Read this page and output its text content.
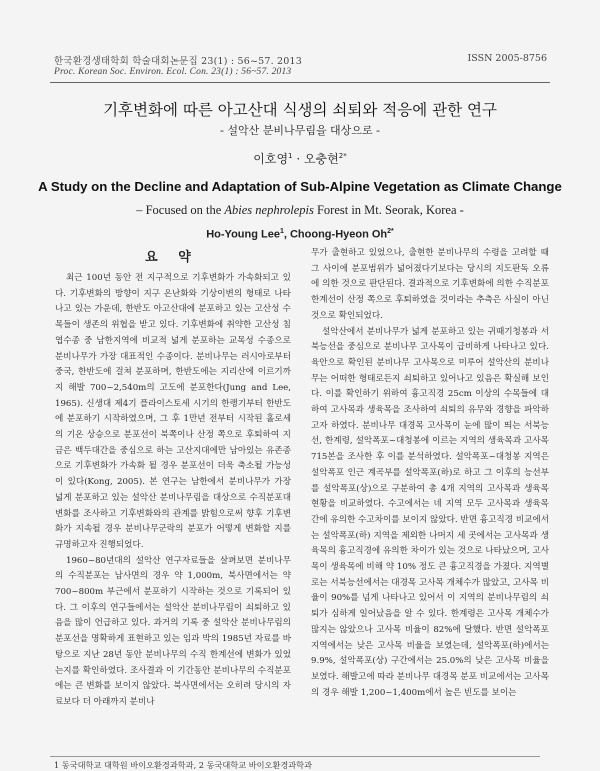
한국환경생태학회 학술대회논문집 23(1) : 56~57. 2013
Proc. Korean Soc. Environ. Ecol. Con. 23(1) : 56~57. 2013
ISSN 2005-8756
기후변화에 따른 아고산대 식생의 쇠퇴와 적응에 관한 연구
- 설악산 분비나무림을 대상으로 -
이호영$^1$ · 오충현$^{2*}$
A Study on the Decline and Adaptation of Sub-Alpine Vegetation as Climate Change
– Focused on the Abies nephrolepis Forest in Mt. Seorak, Korea -
Ho-Young Lee$^1$, Choong-Hyeon $Oh^{2*}$
요 약

최근 100년 동안 전 지구적으로 기후변화가 가속화되고 있다. 기후변화의 방향이 지구 온난화와 기상이변의 형태로 나타나고 있는 가운데, 한반도 아고산대에 분포하고 있는 고산성 수목들이 생존의 위협을 받고 있다. 기후변화에 취약한 고산성 침엽수종 중 남한지역에 비교적 넓게 분포하는 교목성 수종으로 분비나무가 가장 대표적인 수종이다. 분비나무는 러시아로부터 중국, 한반도에 걸쳐 분포하며, 한반도에는 지리산에 이르기까지 해발 700~2,540m의 고도에 분포한다(Jung and Lee, 1965). 신생대 제4기 플라이스토세 시기의 한랭기부터 한반도에 분포하기 시작하였으며, 그 후 1만년 전부터 시작된 홀로세의 기온 상승으로 분포선이 북쪽이나 산정 쪽으로 후퇴하여 지금은 백두대간을 중심으로 하는 고산지대에만 남아있는 유존종으로 기후변화가 가속화 될 경우 분포선이 더욱 축소될 가능성이 있다(Kong, 2005). 본 연구는 남한에서 분비나무가 가장 넓게 분포하고 있는 설악산 분비나무림을 대상으로 수직분포대 변화를 조사하고 기후변화와의 관계를 밝힘으로써 향후 기후변화가 지속될 경우 분비나무군락의 분포가 어떻게 변화할 지를 규명하고자 진행되었다.

1960~80년대의 설악산 연구자료들을 살펴보면 분비나무의 수직분포는 남사면의 경우 약 1,000m, 북사면에서는 약 700~800m 부근에서 분포하기 시작하는 것으로 기록되어 있다. 그 이후의 연구들에서는 설악산 분비나무림이 쇠퇴하고 있음을 많이 언급하고 있다. 과거의 기록 중 설악산 분비나무림의 분포선을 명확하게 표현하고 있는 임과 박의 1985년 자료를 바탕으로 지난 28년 동안 분비나무의 수직 한계선에 변화가 있었는지를 확인하였다. 조사결과 이 기간동안 분비나무의 수직분포에는 큰 변화를 보이지 않았다. 북사면에서는 오히려 당시의 자료보다 더 아래까지 분비나

무가 출현하고 있었으나, 출현한 분비나무의 수령을 고려할 때 그 사이에 분포범위가 넓어졌다기보다는 당시의 지도판독 오류에 의한 것으로 판단된다. 결과적으로 기후변화에 의한 수직분포 한계선이 산정 쪽으로 후퇴하였을 것이라는 추측은 사실이 아닌 것으로 확인되었다.

설악산에서 분비나무가 넓게 분포하고 있는 귀때기청봉과 서북능선을 중심으로 분비나무 고사목이 급비하게 나타나고 있다. 육안으로 확인된 분비나무 고사목으로 미루어 설악산의 분비나무는 어떠한 형태로든지 쇠퇴하고 있어나고 있음은 확실해 보인다. 이를 확인하기 위하여 흉고직경 25cm 이상의 수목들에 대하여 고사목과 생육목을 조사하여 쇠퇴의 유무와 경향을 파악하고자 하였다. 분비나무 대경목 고사목이 눈에 많이 띄는 서북능선, 한계령, 설악폭포~대청봉에 이르는 지역의 생육목과 고사목 715본을 조사한 후 이를 분석하였다. 설악폭포~대청봉 지역은 설악폭포 인근 계곡부를 설악폭포(하)로 하고 그 이후의 능선부를 설악폭포(상)으로 구분하여 총 4개 지역의 고사목과 생육목 현황을 비교하였다. 수고에서는 네 지역 모두 고사목과 생육목 간에 유의한 수고차이를 보이지 않았다. 반면 흉고직경 비교에서는 설악폭포(하) 지역을 제외한 나머지 세 곳에서는 고사목과 생육목의 흉고직경에 유의한 차이가 있는 것으로 나타났으며, 고사목이 생육목에 비해 약 10% 정도 큰 흉고직경을 가졌다. 지역별로는 서북능선에서는 대경목 고사목 개체수가 많았고, 고사목 비율이 90%를 넘게 나타나고 있어서 이 지역의 분비나무림의 쇠퇴가 심하게 일어났음을 알 수 있다. 한계령은 고사목 개체수가 많지는 않았으나 고사목 비율이 82%에 달했다. 반면 설악폭포 지역에서는 낮은 고사목 비율을 보였는데, 설악폭포(하)에서는 9.9%, 설악폭포(상) 구간에서는 25.0%의 낮은 고사목 비율을 보였다. 해발고에 따라 분비나무 대경목 분포 비교에서는 고사목의 경우 해발 1,200~1,400m에서 높은 빈도를 보이는

1 동국대학교 대학원 바이오환경과학과, 2 동국대학교 바이오환경과학과
